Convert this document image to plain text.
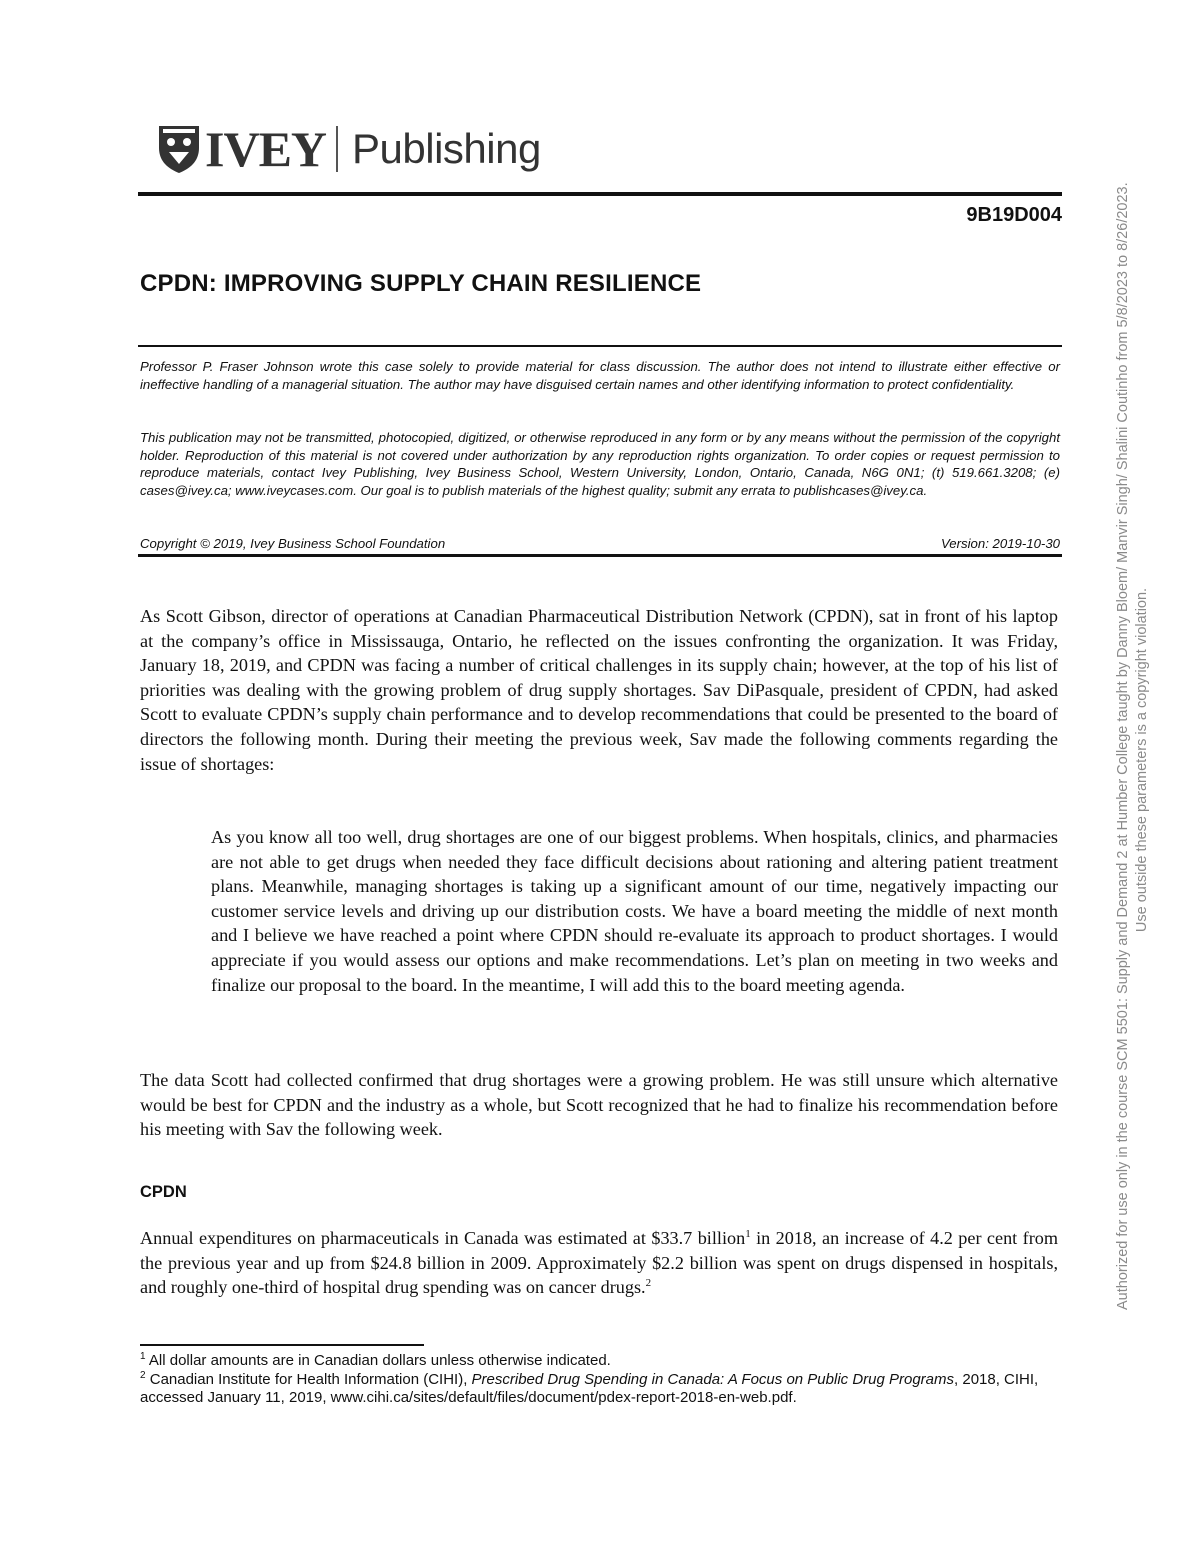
IVEY Publishing
9B19D004
CPDN: IMPROVING SUPPLY CHAIN RESILIENCE

Professor P. Fraser Johnson wrote this case solely to provide material for class discussion. The author does not intend to illustrate either effective or ineffective handling of a managerial situation. The author may have disguised certain names and other identifying information to protect confidentiality.

This publication may not be transmitted, photocopied, digitized, or otherwise reproduced in any form or by any means without the permission of the copyright holder. Reproduction of this material is not covered under authorization by any reproduction rights organization. To order copies or request permission to reproduce materials, contact Ivey Publishing, Ivey Business School, Western University, London, Ontario, Canada, N6G 0N1; (t) 519.661.3208; (e) cases@ivey.ca; www.iveycases.com. Our goal is to publish materials of the highest quality; submit any errata to publishcases@ivey.ca.

Copyright © 2019, Ivey Business School Foundation	Version: 2019-10-30

As Scott Gibson, director of operations at Canadian Pharmaceutical Distribution Network (CPDN), sat in front of his laptop at the company’s office in Mississauga, Ontario, he reflected on the issues confronting the organization. It was Friday, January 18, 2019, and CPDN was facing a number of critical challenges in its supply chain; however, at the top of his list of priorities was dealing with the growing problem of drug supply shortages. Sav DiPasquale, president of CPDN, had asked Scott to evaluate CPDN’s supply chain performance and to develop recommendations that could be presented to the board of directors the following month. During their meeting the previous week, Sav made the following comments regarding the issue of shortages:

As you know all too well, drug shortages are one of our biggest problems. When hospitals, clinics, and pharmacies are not able to get drugs when needed they face difficult decisions about rationing and altering patient treatment plans. Meanwhile, managing shortages is taking up a significant amount of our time, negatively impacting our customer service levels and driving up our distribution costs. We have a board meeting the middle of next month and I believe we have reached a point where CPDN should re-evaluate its approach to product shortages. I would appreciate if you would assess our options and make recommendations. Let’s plan on meeting in two weeks and finalize our proposal to the board. In the meantime, I will add this to the board meeting agenda.

The data Scott had collected confirmed that drug shortages were a growing problem. He was still unsure which alternative would be best for CPDN and the industry as a whole, but Scott recognized that he had to finalize his recommendation before his meeting with Sav the following week.

CPDN

Annual expenditures on pharmaceuticals in Canada was estimated at $33.7 billion$^1$ in 2018, an increase of 4.2 per cent from the previous year and up from $24.8 billion in 2009. Approximately $2.2 billion was spent on drugs dispensed in hospitals, and roughly one-third of hospital drug spending was on cancer drugs.$^2$

$^1$ All dollar amounts are in Canadian dollars unless otherwise indicated.
$^2$ Canadian Institute for Health Information (CIHI), Prescribed Drug Spending in Canada: A Focus on Public Drug Programs, 2018, CIHI, accessed January 11, 2019, www.cihi.ca/sites/default/files/document/pdex-report-2018-en-web.pdf.
Authorized for use only in the course SCM 5501: Supply and Demand 2 at Humber College taught by Danny Bloem/ Manvir Singh/ Shalini Coutinho from 5/8/2023 to 8/26/2023. Use outside these parameters is a copyright violation.
